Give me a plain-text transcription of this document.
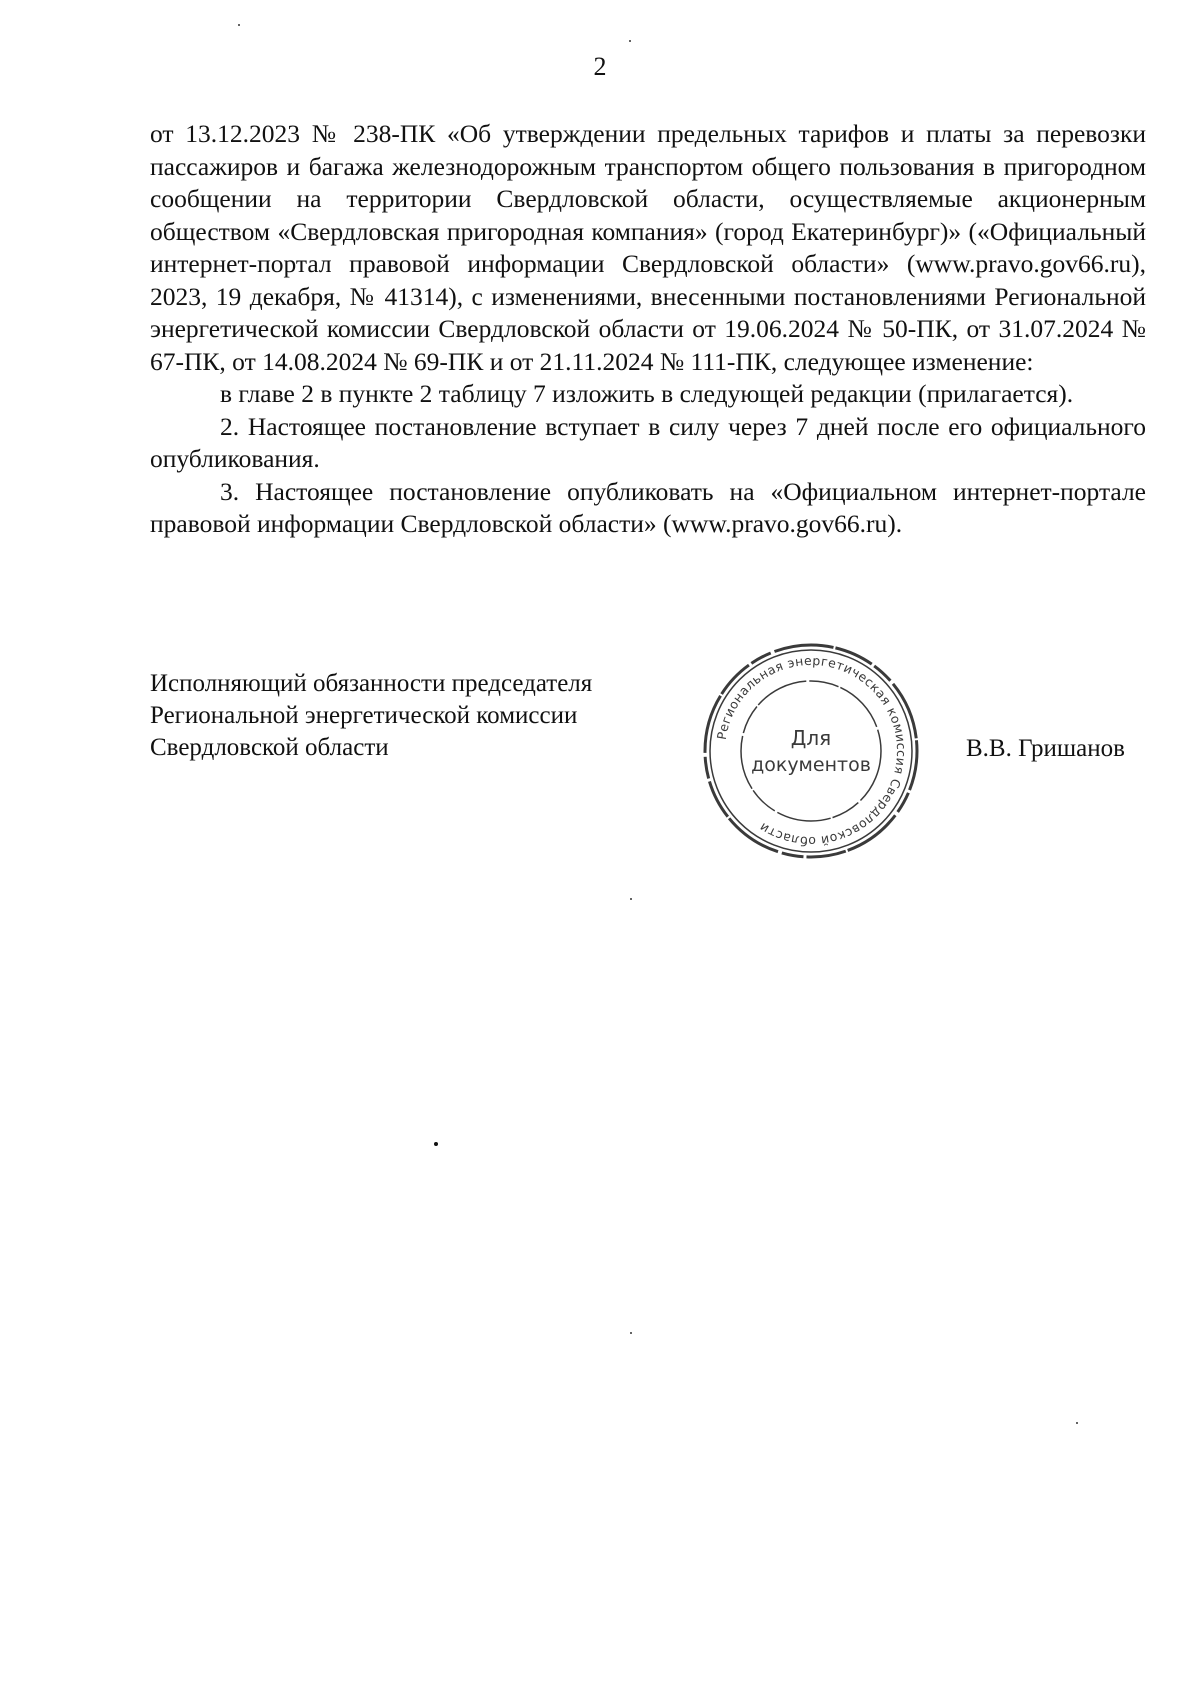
2

от 13.12.2023 № 238-ПК «Об утверждении предельных тарифов и платы за перевозки пассажиров и багажа железнодорожным транспортом общего пользования в пригородном сообщении на территории Свердловской области, осуществляемые акционерным обществом «Свердловская пригородная компания» (город Екатеринбург)» («Официальный интернет-портал правовой информации Свердловской области» (www.pravo.gov66.ru), 2023, 19 декабря, № 41314), с изменениями, внесенными постановлениями Региональной энергетической комиссии Свердловской области от 19.06.2024 № 50-ПК, от 31.07.2024 № 67-ПК, от 14.08.2024 № 69-ПК и от 21.11.2024 № 111-ПК, следующее изменение:

в главе 2 в пункте 2 таблицу 7 изложить в следующей редакции (прилагается).

2. Настоящее постановление вступает в силу через 7 дней после его официального опубликования.

3. Настоящее постановление опубликовать на «Официальном интернет-портале правовой информации Свердловской области» (www.pravo.gov66.ru).

Исполняющий обязанности председателя
Региональной энергетической комиссии
Свердловской области	Региональная энергетическая комиссия Свердловской области
Для
документов
В.В. Гришанов
